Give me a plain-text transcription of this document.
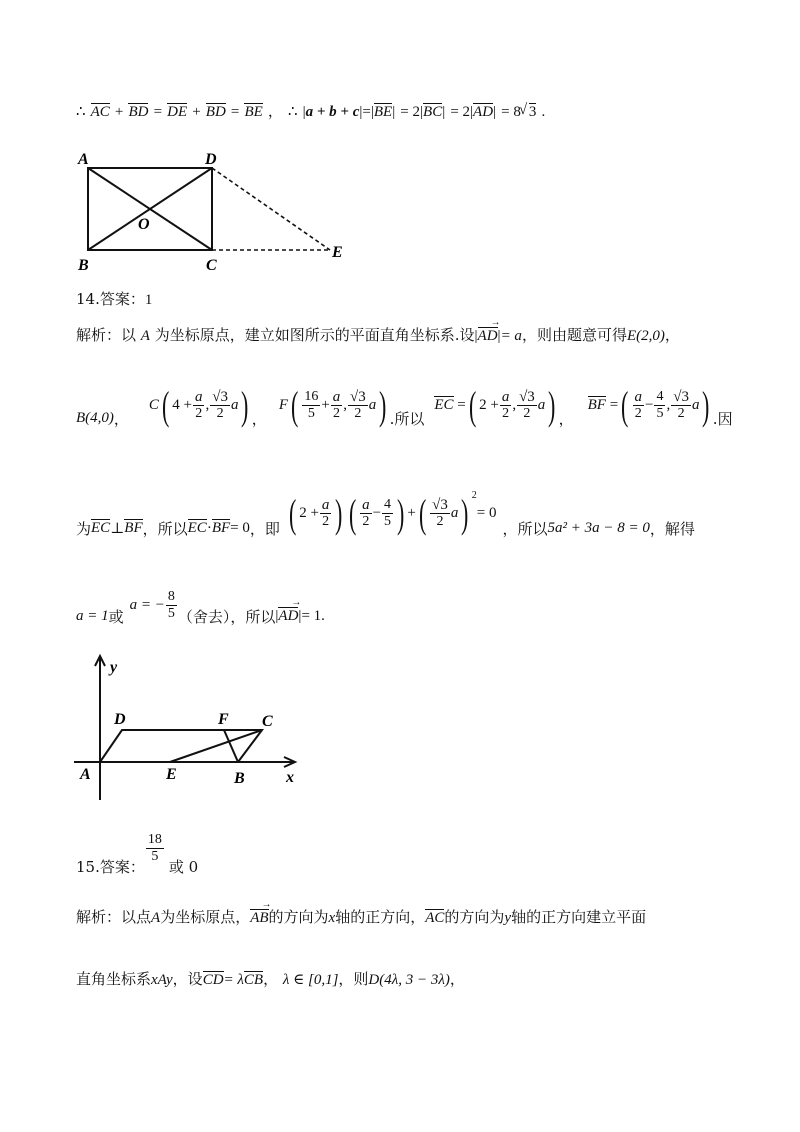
∴ AC + BD = DE + BD = BE ， ∴ |a + b + c|=|BE| = 2|BC| = 2|AD| = 8√ 3 .
A	D
O
B	C
E
14.答案：1
解析：以 A 为坐标原点，建立如图所示的平面直角坐标系.设|AD →|= a，则由题意可得E(2,0)，
B(4,0) ，
C ( $4 + \frac{a}{2}$ , $\frac{√3}{2}$ a ) ，
F ( $\frac{16}{5} + \frac{a}{2}$ , $\frac{√3}{2}$ a ) .所以
EC = ( $2 + \frac{a}{2}$ , $\frac{√3}{2}$ a ) ，
BF = ( $\frac{a}{2} - \frac{4}{5}$ , $\frac{√3}{2}$ a ) .因
为 EC ⊥ BF ，所以 EC · BF = 0 ，即 ( $2 + \frac{a}{2}$ ) ( $\frac{a}{2} - \frac{4}{5}$ ) + ( $\frac{√3}{2}$ a ) 2
= 0
，所以 5a² + 3a − 8 = 0 ，解得
a = 1 或
a = − $\frac{8}{5}$ （舍去），所以 | AD → | = 1 .
y
x
D	F C
A	E	B
15.答案：
$\frac{18}{5}$
或 0
解析：以点A为坐标原点，AB →的方向为x轴的正方向，AC的方向为y轴的正方向建立平面
直角坐标系xAy，设CD= λCB， λ ∈ [0,1]，则D(4λ, 3 − 3λ)，
